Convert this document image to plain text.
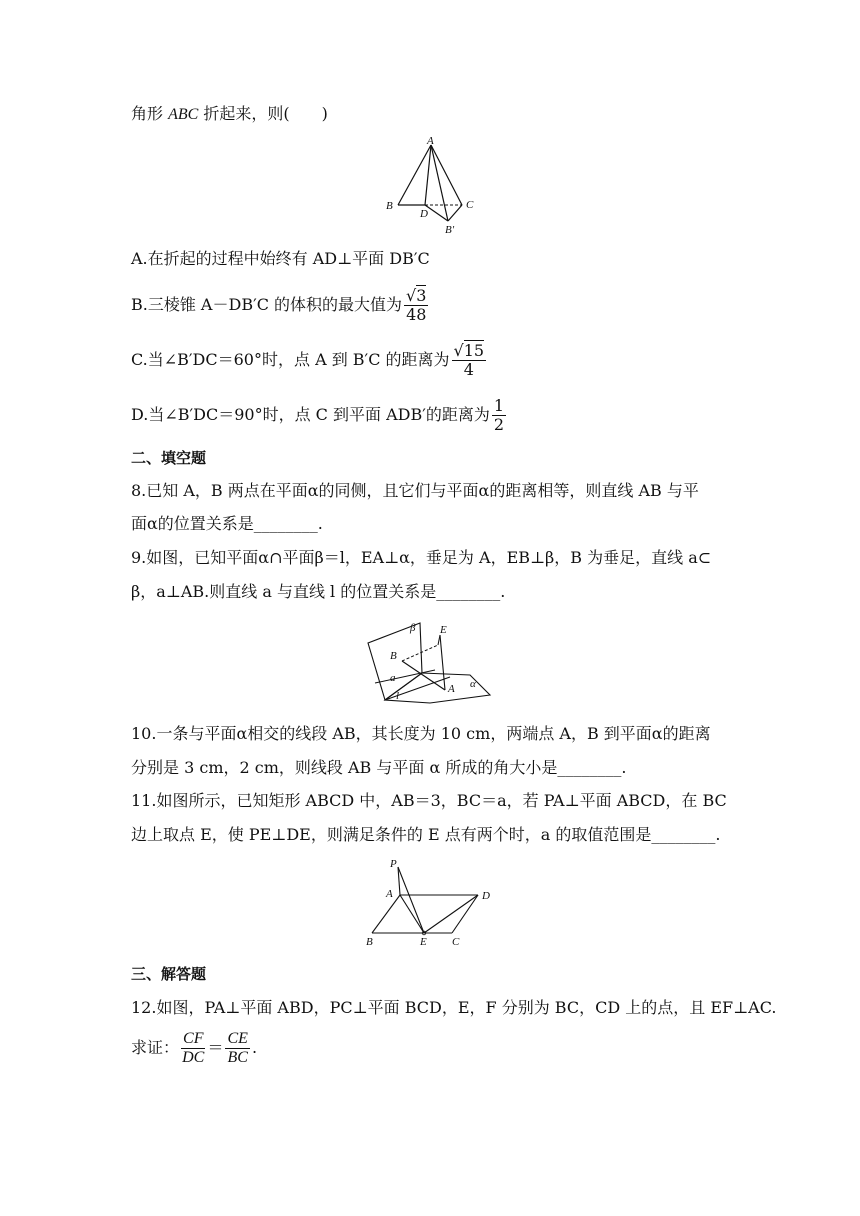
角形 ABC 折起来，则(　　)
A
B	C
D
B′
A.在折起的过程中始终有 AD⊥平面 DB′C
B.三棱锥 A－DB′C 的体积的最大值为 $\frac{√3}{48}$
C.当∠B′DC＝60°时，点 A 到 B′C 的距离为 $\frac{√15}{4}$
D.当∠B′DC＝90°时，点 C 到平面 ADB′的距离为 $\frac{1}{2}$
二、填空题
8.已知 A，B 两点在平面α的同侧，且它们与平面α的距离相等，则直线 AB 与平
面α的位置关系是________.
9.如图，已知平面α∩平面β＝l，EA⊥α，垂足为 A，EB⊥β，B 为垂足，直线 a⊂
β，a⊥AB.则直线 a 与直线 l 的位置关系是________.
β E
B
a	α
l
A
10.一条与平面α相交的线段 AB，其长度为 10 cm，两端点 A，B 到平面α的距离
分别是 3 cm，2 cm，则线段 AB 与平面 α 所成的角大小是________.
11.如图所示，已知矩形 ABCD 中，AB＝3，BC＝a，若 PA⊥平面 ABCD，在 BC
边上取点 E，使 PE⊥DE，则满足条件的 E 点有两个时，a 的取值范围是________.
P
A	D
B	E C
三、解答题
12.如图，PA⊥平面 ABD，PC⊥平面 BCD，E，F 分别为 BC，CD 上的点，且 EF⊥AC.
求证： $\frac{CF}{DC} = \frac{CE}{BC}$ .
